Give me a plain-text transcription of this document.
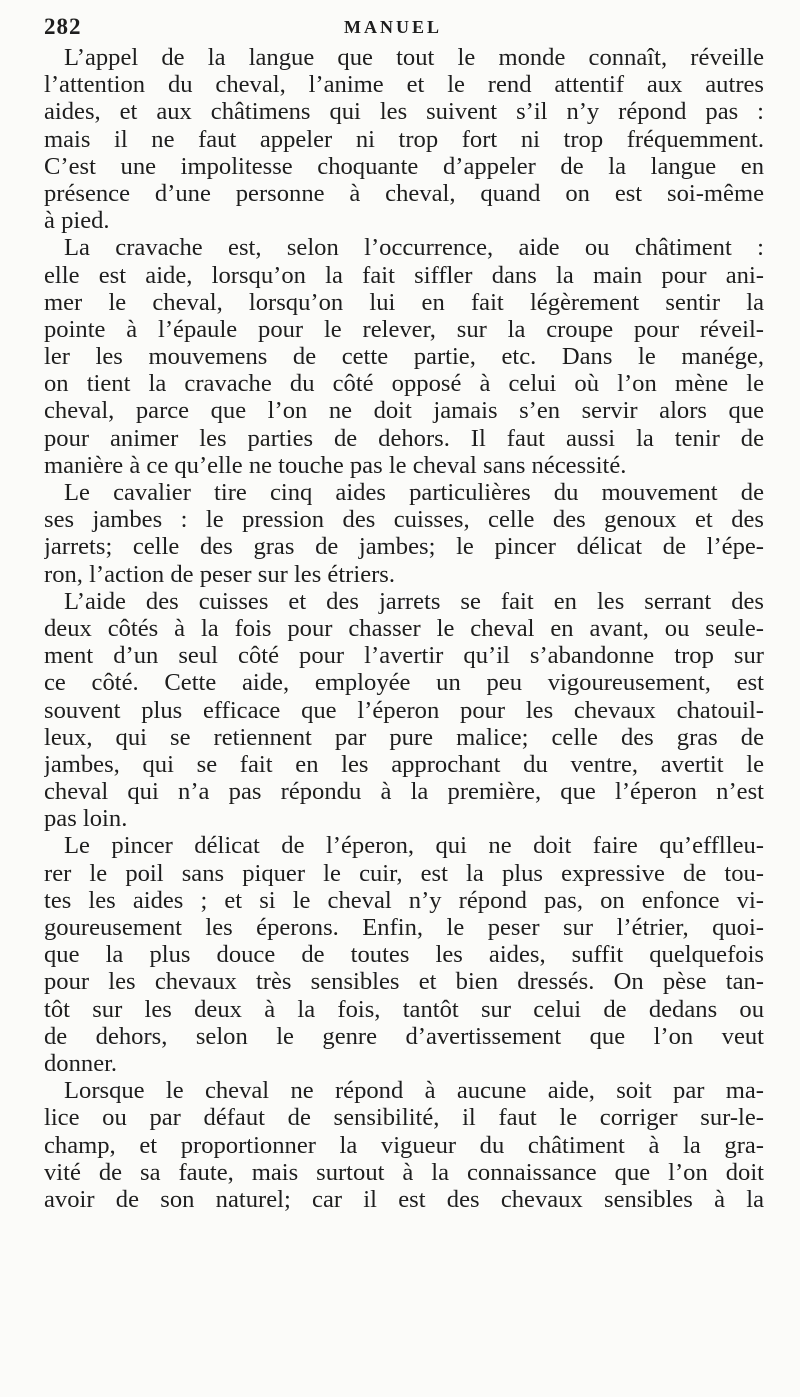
282	MANUEL
L’appel de la langue que tout le monde connaît, réveille
l’attention du cheval, l’anime et le rend attentif aux autres
aides, et aux châtimens qui les suivent s’il n’y répond pas :
mais il ne faut appeler ni trop fort ni trop fréquemment.
C’est une impolitesse choquante d’appeler de la langue en
présence d’une personne à cheval, quand on est soi-même
à pied.
La cravache est, selon l’occurrence, aide ou châtiment :
elle est aide, lorsqu’on la fait siffler dans la main pour ani-
mer le cheval, lorsqu’on lui en fait légèrement sentir la
pointe à l’épaule pour le relever, sur la croupe pour réveil-
ler les mouvemens de cette partie, etc. Dans le manége,
on tient la cravache du côté opposé à celui où l’on mène le
cheval, parce que l’on ne doit jamais s’en servir alors que
pour animer les parties de dehors. Il faut aussi la tenir de
manière à ce qu’elle ne touche pas le cheval sans nécessité.
Le cavalier tire cinq aides particulières du mouvement de
ses jambes : le pression des cuisses, celle des genoux et des
jarrets; celle des gras de jambes; le pincer délicat de l’épe-
ron, l’action de peser sur les étriers.
L’aide des cuisses et des jarrets se fait en les serrant des
deux côtés à la fois pour chasser le cheval en avant, ou seule-
ment d’un seul côté pour l’avertir qu’il s’abandonne trop sur
ce côté. Cette aide, employée un peu vigoureusement, est
souvent plus efficace que l’éperon pour les chevaux chatouil-
leux, qui se retiennent par pure malice; celle des gras de
jambes, qui se fait en les approchant du ventre, avertit le
cheval qui n’a pas répondu à la première, que l’éperon n’est
pas loin.
Le pincer délicat de l’éperon, qui ne doit faire qu’efflleu-
rer le poil sans piquer le cuir, est la plus expressive de tou-
tes les aides ; et si le cheval n’y répond pas, on enfonce vi-
goureusement les éperons. Enfin, le peser sur l’étrier, quoi-
que la plus douce de toutes les aides, suffit quelquefois
pour les chevaux très sensibles et bien dressés. On pèse tan-
tôt sur les deux à la fois, tantôt sur celui de dedans ou
de dehors, selon le genre d’avertissement que l’on veut
donner.
Lorsque le cheval ne répond à aucune aide, soit par ma-
lice ou par défaut de sensibilité, il faut le corriger sur-le-
champ, et proportionner la vigueur du châtiment à la gra-
vité de sa faute, mais surtout à la connaissance que l’on doit
avoir de son naturel; car il est des chevaux sensibles à la
